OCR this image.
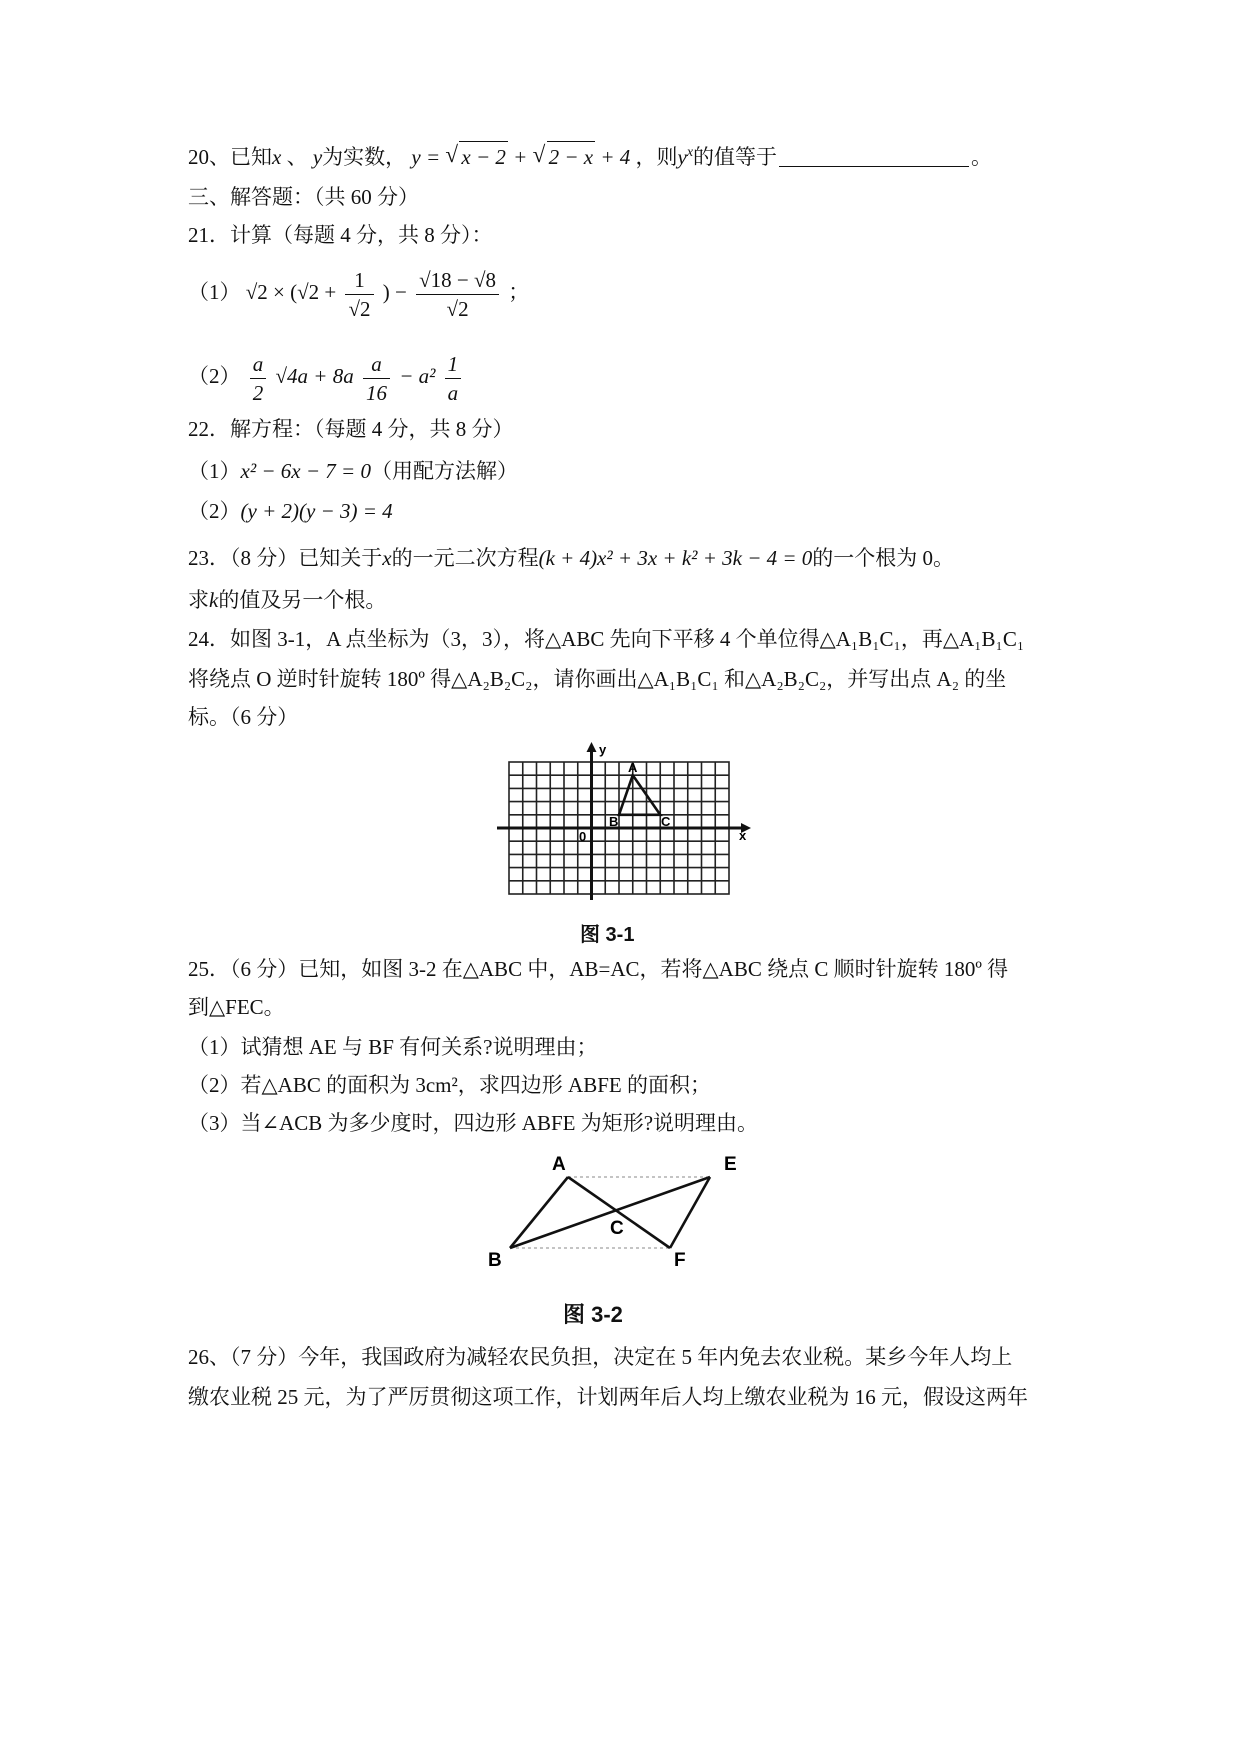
20、已知x 、 y为实数， y = √ x − 2 + √ 2 − x + 4 ，则$y^x$的值等于	。
三、解答题：（共 60 分）
21．计算（每题 4 分，共 8 分）：
（1） $√2 \times (√2 + \frac{1}{√2}$ ) − $\frac{√18 - √8}{√2}$ ；
$(2) \frac{a}{2} √4a + 8a \frac{a}{16} - a^2 \frac{1}{a}$
22．解方程：（每题 4 分，共 8 分）
（1）x² − 6x − 7 = 0（用配方法解）
（2）(y + 2)(y − 3) = 4
23．（8 分）已知关于x的一元二次方程(k + 4)x² + 3x + k² + 3k − 4 = 0的一个根为 0。
求k的值及另一个根。
24．如图 3-1，A 点坐标为（3，3），将△ABC 先向下平移 4 个单位得△A₁B₁C₁，再△A₁B₁C₁
将绕点 O 逆时针旋转 180º 得△A₂B₂C₂，请你画出△A₁B₁C₁ 和△A₂B₂C₂，并写出点 A₂ 的坐
标。（6 分）
y
x
A
B	C
0
图 3-1
25．（6 分）已知，如图 3-2 在△ABC 中，AB=AC，若将△ABC 绕点 C 顺时针旋转 180º 得
到△FEC。
（1）试猜想 AE 与 BF 有何关系?说明理由；
（2）若△ABC 的面积为 3cm²，求四边形 ABFE 的面积；
（3）当∠ACB 为多少度时，四边形 ABFE 为矩形?说明理由。
A
B
C
E
F
图 3-2
26、（7 分）今年，我国政府为减轻农民负担，决定在 5 年内免去农业税。某乡今年人均上
缴农业税 25 元，为了严厉贯彻这项工作，计划两年后人均上缴农业税为 16 元，假设这两年
